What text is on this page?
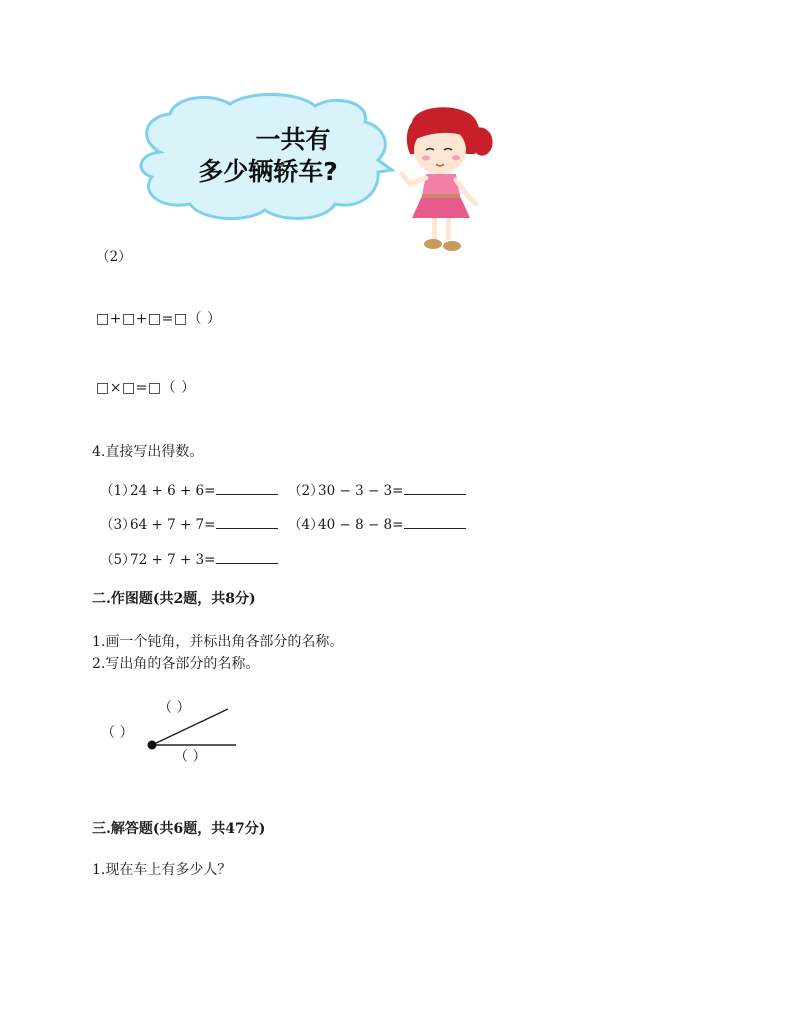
一共有
多少辆轿车?
（2）
□+□+□=□（ ）
□×□=□（ ）
4.直接写出得数。
（1）24 + 6 + 6=	（2）30 − 3 − 3=
（3）64 + 7 + 7=	（4）40 − 8 − 8=
（5）72 + 7 + 3=
二.作图题(共2题，共8分)
1.画一个钝角，并标出角各部分的名称。
2.写出角的各部分的名称。
（ ）
（ ）
（ ）
三.解答题(共6题，共47分)
1.现在车上有多少人？
